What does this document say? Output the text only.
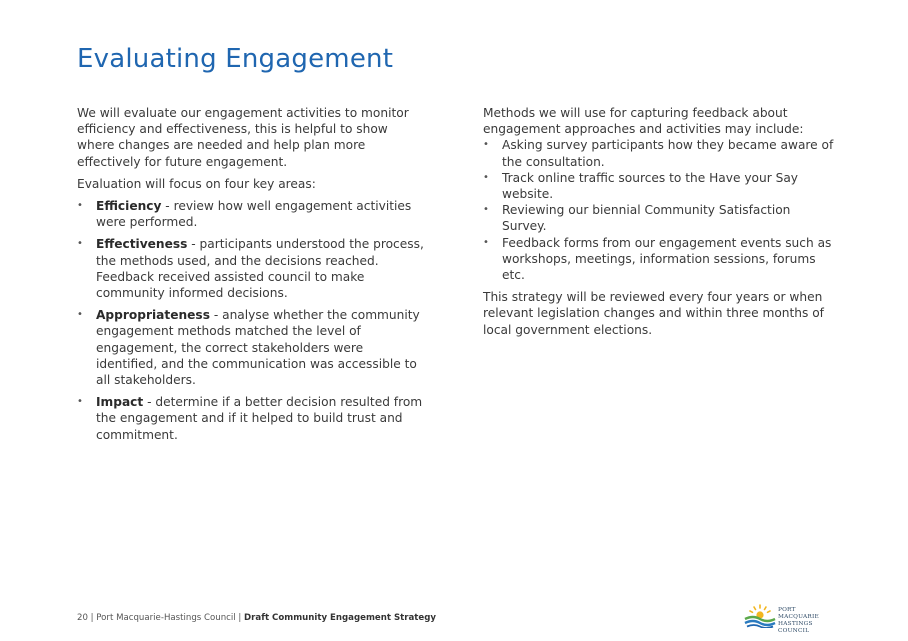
Evaluating Engagement

We will evaluate our engagement activities to monitor efficiency and effectiveness, this is helpful to show where changes are needed and help plan more effectively for future engagement.

Evaluation will focus on four key areas:

• Efficiency - review how well engagement activities were performed.
• Effectiveness - participants understood the process, the methods used, and the decisions reached. Feedback received assisted council to make community informed decisions.
• Appropriateness - analyse whether the community engagement methods matched the level of engagement, the correct stakeholders were identified, and the communication was accessible to all stakeholders.
• Impact - determine if a better decision resulted from the engagement and if it helped to build trust and commitment.

Methods we will use for capturing feedback about engagement approaches and activities may include:

• Asking survey participants how they became aware of the consultation.
• Track online traffic sources to the Have your Say website.
• Reviewing our biennial Community Satisfaction Survey.
• Feedback forms from our engagement events such as workshops, meetings, information sessions, forums etc.

This strategy will be reviewed every four years or when relevant legislation changes and within three months of local government elections.

20 | Port Macquarie-Hastings Council | Draft Community Engagement Strategy
PORT MACQUARIE
HASTINGS COUNCIL
